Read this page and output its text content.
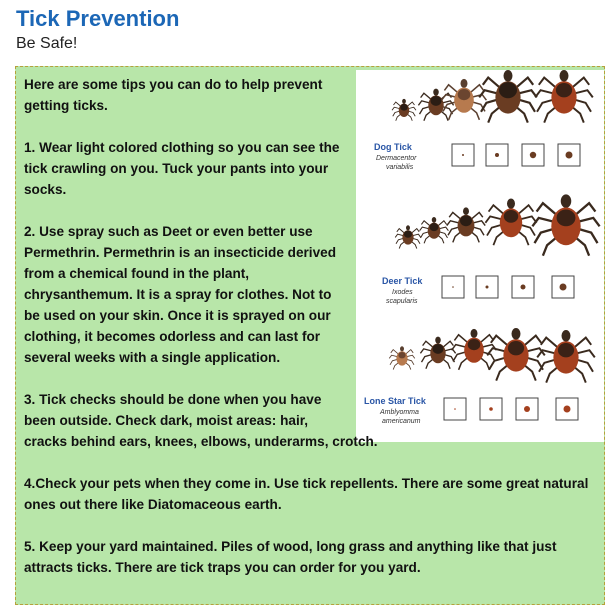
Tick Prevention
Be Safe!
Dog Tick
Dermacentor
variabilis
Deer Tick
Ixodes
scapularis
Lone Star Tick
Amblyomma
americanum

Here are some tips you can do to help prevent getting ticks.

1. Wear light colored clothing so you can see the tick crawling on you. Tuck your pants into your socks.

2. Use spray such as Deet or even better use Permethrin. Permethrin is an insecticide derived from a chemical found in the plant, chrysanthemum. It is a spray for clothes. Not to be used on your skin. Once it is sprayed on our clothing, it becomes odorless and can last for several weeks with a single application.

3. Tick checks should be done when you have been outside. Check dark, moist areas: hair,
cracks behind ears, knees, elbows, underarms, crotch.

4.Check your pets when they come in. Use tick repellents. There are some great natural ones out there like Diatomaceous earth.

5. Keep your yard maintained. Piles of wood, long grass and anything like that just attracts ticks. There are tick traps you can order for you yard.
